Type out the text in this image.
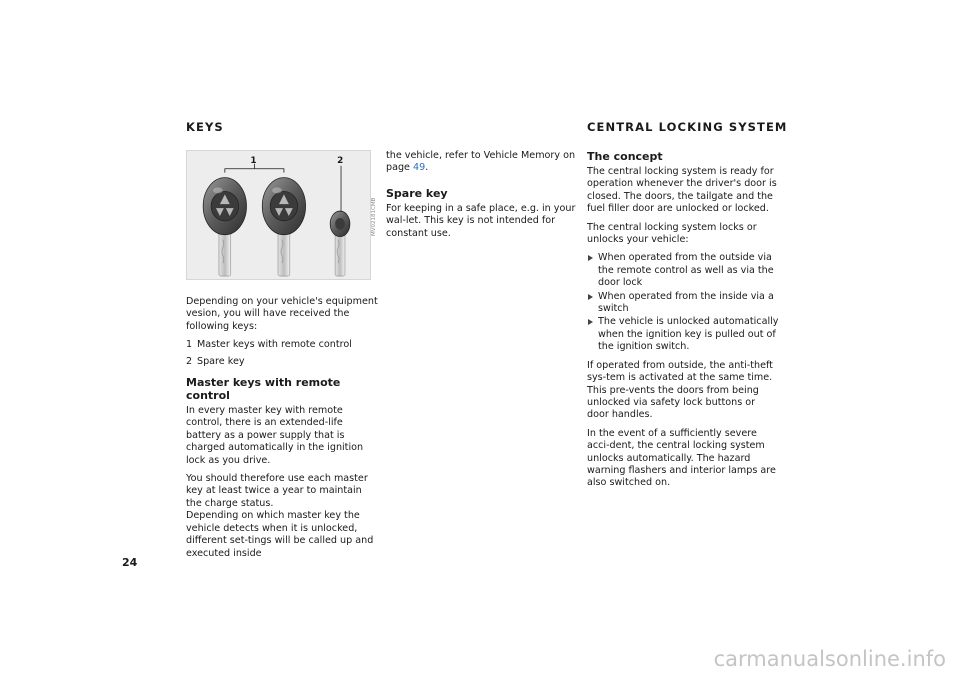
KEYS	CENTRAL LOCKING SYSTEM
1	2
MV02181CMB

Depending on your vehicle's equipment vesion, you will have received the following keys:

1 Master keys with remote control
2 Spare key
Master keys with remote control

In every master key with remote control, there is an extended-life battery as a power supply that is charged automatically in the ignition lock as you drive.

You should therefore use each master key at least twice a year to maintain the charge status.

Depending on which master key the vehicle detects when it is unlocked, different set-tings will be called up and executed inside

the vehicle, refer to Vehicle Memory on page 49.

Spare key

For keeping in a safe place, e.g. in your wal-let. This key is not intended for constant use.

The concept

The central locking system is ready for operation whenever the driver's door is closed. The doors, the tailgate and the fuel filler door are unlocked or locked.

The central locking system locks or unlocks your vehicle:

When operated from the outside via the remote control as well as via the door lock
When operated from the inside via a switch
The vehicle is unlocked automatically when the ignition key is pulled out of the ignition switch.

If operated from outside, the anti-theft sys-tem is activated at the same time. This pre-vents the doors from being unlocked via safety lock buttons or door handles.

In the event of a sufficiently severe acci-dent, the central locking system unlocks automatically. The hazard warning flashers and interior lamps are also switched on.

24

carmanualsonline.info
